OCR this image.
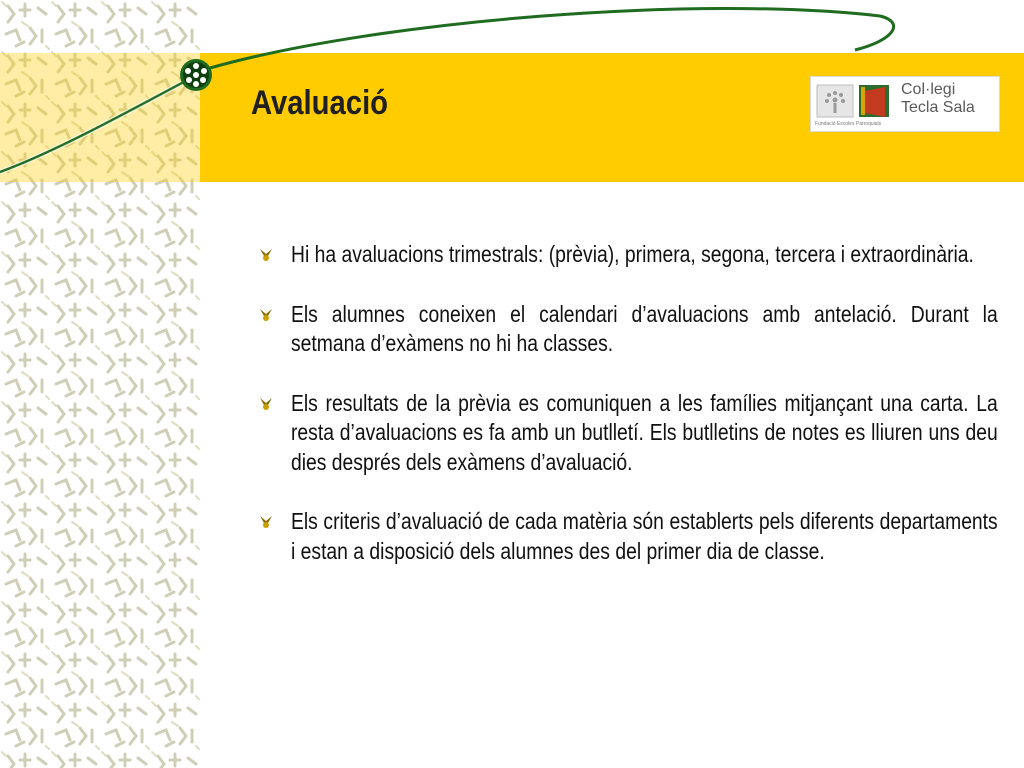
Avaluació	Col·legi
Tecla Sala
Fundació Escoles Parroquials
Hi ha avaluacions trimestrals: (prèvia), primera, segona, tercera i extraordinària.
Els alumnes coneixen el calendari d’avaluacions amb antelació. Durant la setmana d’exàmens no hi ha classes.
Els resultats de la prèvia es comuniquen a les famílies mitjançant una carta. La resta d’avaluacions es fa amb un butlletí. Els butlletins de notes es lliuren uns deu dies després dels exàmens d’avaluació.
Els criteris d’avaluació de cada matèria són establerts pels diferents departaments i estan a disposició dels alumnes des del primer dia de classe.
